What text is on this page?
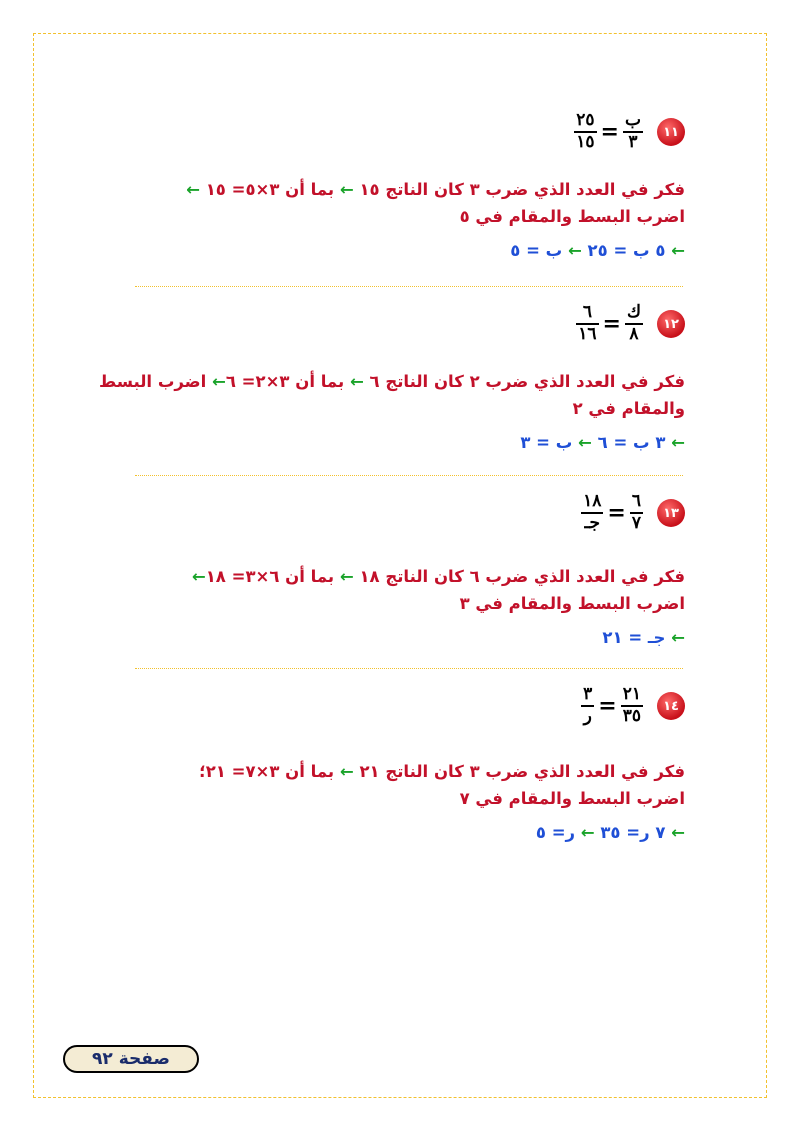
١١
$\frac{\text{ب}}{٣}$
=
$\frac{٢٥}{١٥}$
فكر في العدد الذي ضرب ٣ كان الناتج ١٥ ← بما أن ٣×٥= ١٥ ←
اضرب البسط والمقام في ٥
← ٥ ب = ٢٥ ← ب = ٥
١٢
$\frac{\text{ك}}{٨}$
=
$\frac{٦}{١٦}$
فكر في العدد الذي ضرب ٢ كان الناتج ٦ ← بما أن ٣×٢= ٦← اضرب البسط والمقام في ٢
← ٣ ب = ٦ ← ب = ٣
١٣
$\frac{٦}{٧}$
=
$\frac{١٨}{\text{جـ}}$
فكر في العدد الذي ضرب ٦ كان الناتج ١٨ ← بما أن ٦×٣= ١٨←
اضرب البسط والمقام في ٣
← جـ = ٢١
١٤
$\frac{٢١}{٣٥}$
=
$\frac{٣}{\text{ر}}$
فكر في العدد الذي ضرب ٣ كان الناتج ٢١ ← بما أن ٣×٧= ٢١؛
اضرب البسط والمقام في ٧
← ٧ ر= ٣٥ ← ر= ٥
صفحة ٩٢
